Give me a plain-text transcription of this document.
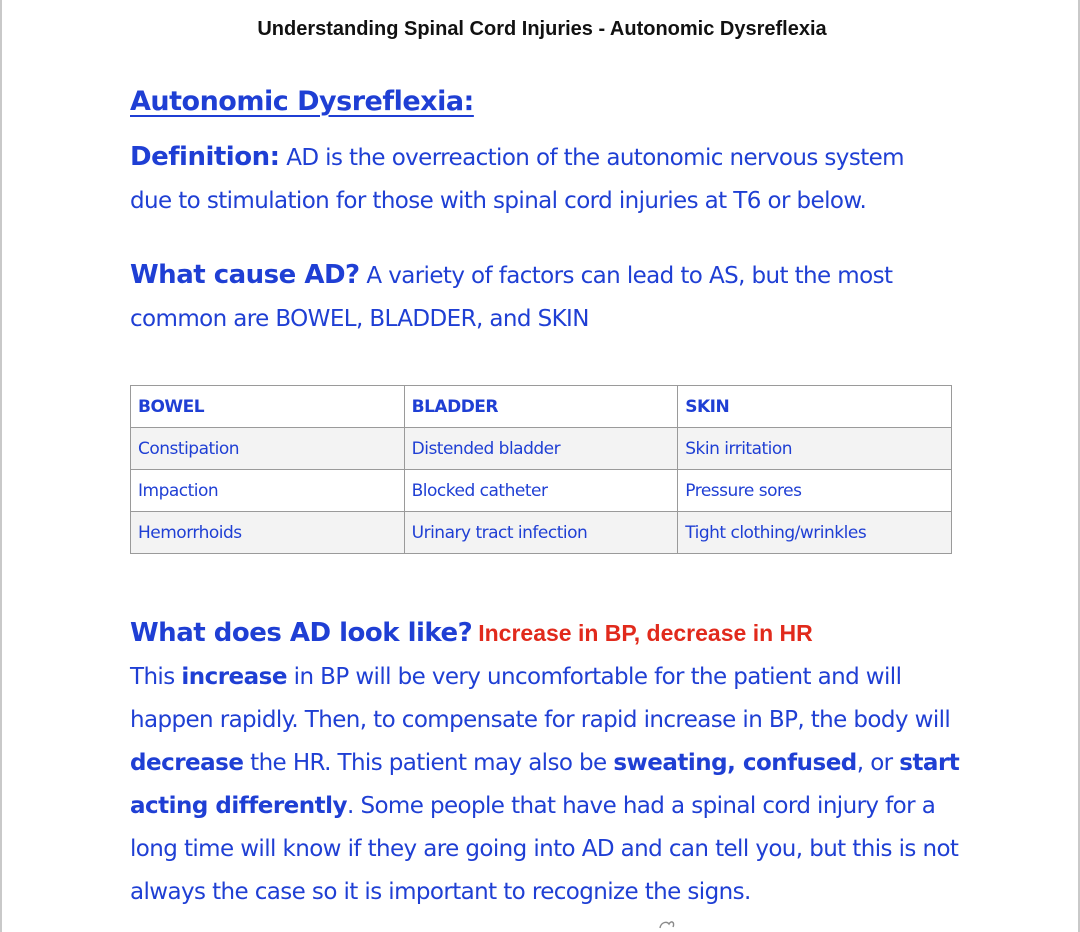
Understanding Spinal Cord Injuries - Autonomic Dysreflexia
Autonomic Dysreflexia:
Definition: AD is the overreaction of the autonomic nervous system due to stimulation for those with spinal cord injuries at T6 or below.
What cause AD? A variety of factors can lead to AS, but the most common are BOWEL, BLADDER, and SKIN
BOWEL	BLADDER	SKIN
Constipation	Distended bladder	Skin irritation
Impaction	Blocked catheter	Pressure sores
Hemorrhoids	Urinary tract infection	Tight clothing/wrinkles
What does AD look like? Increase in BP, decrease in HR
This increase in BP will be very uncomfortable for the patient and will happen rapidly. Then, to compensate for rapid increase in BP, the body will decrease the HR. This patient may also be sweating, confused, or start acting differently. Some people that have had a spinal cord injury for a long time will know if they are going into AD and can tell you, but this is not always the case so it is important to recognize the signs.
